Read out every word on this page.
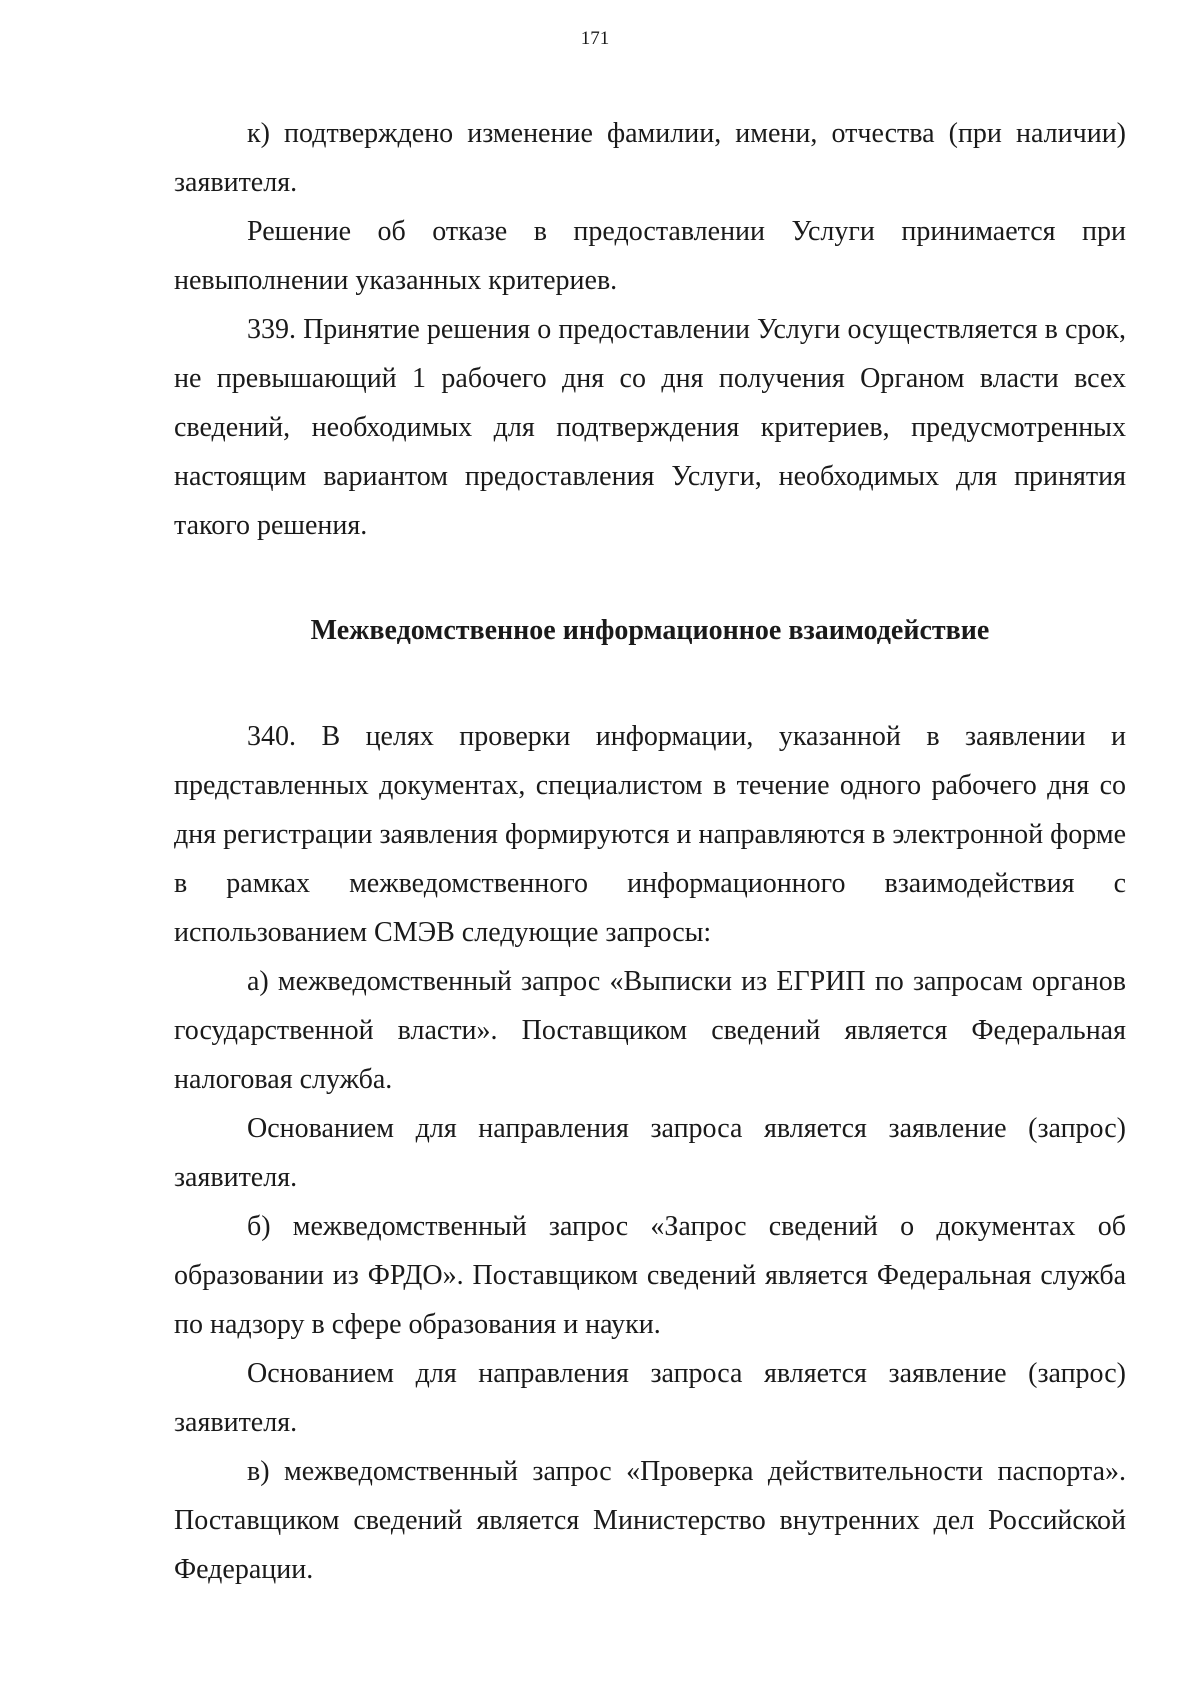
171

к) подтверждено изменение фамилии, имени, отчества (при наличии) заявителя.

Решение об отказе в предоставлении Услуги принимается при невыполнении указанных критериев.

339. Принятие решения о предоставлении Услуги осуществляется в срок, не превышающий 1 рабочего дня со дня получения Органом власти всех сведений, необходимых для подтверждения критериев, предусмотренных настоящим вариантом предоставления Услуги, необходимых для принятия такого решения.

Межведомственное информационное взаимодействие

340. В целях проверки информации, указанной в заявлении и представленных документах, специалистом в течение одного рабочего дня со дня регистрации заявления формируются и направляются в электронной форме в рамках межведомственного информационного взаимодействия с использованием СМЭВ следующие запросы:

а) межведомственный запрос «Выписки из ЕГРИП по запросам органов государственной власти». Поставщиком сведений является Федеральная налоговая служба.

Основанием для направления запроса является заявление (запрос) заявителя.

б) межведомственный запрос «Запрос сведений о документах об образовании из ФРДО». Поставщиком сведений является Федеральная служба по надзору в сфере образования и науки.

Основанием для направления запроса является заявление (запрос) заявителя.

в) межведомственный запрос «Проверка действительности паспорта». Поставщиком сведений является Министерство внутренних дел Российской Федерации.
